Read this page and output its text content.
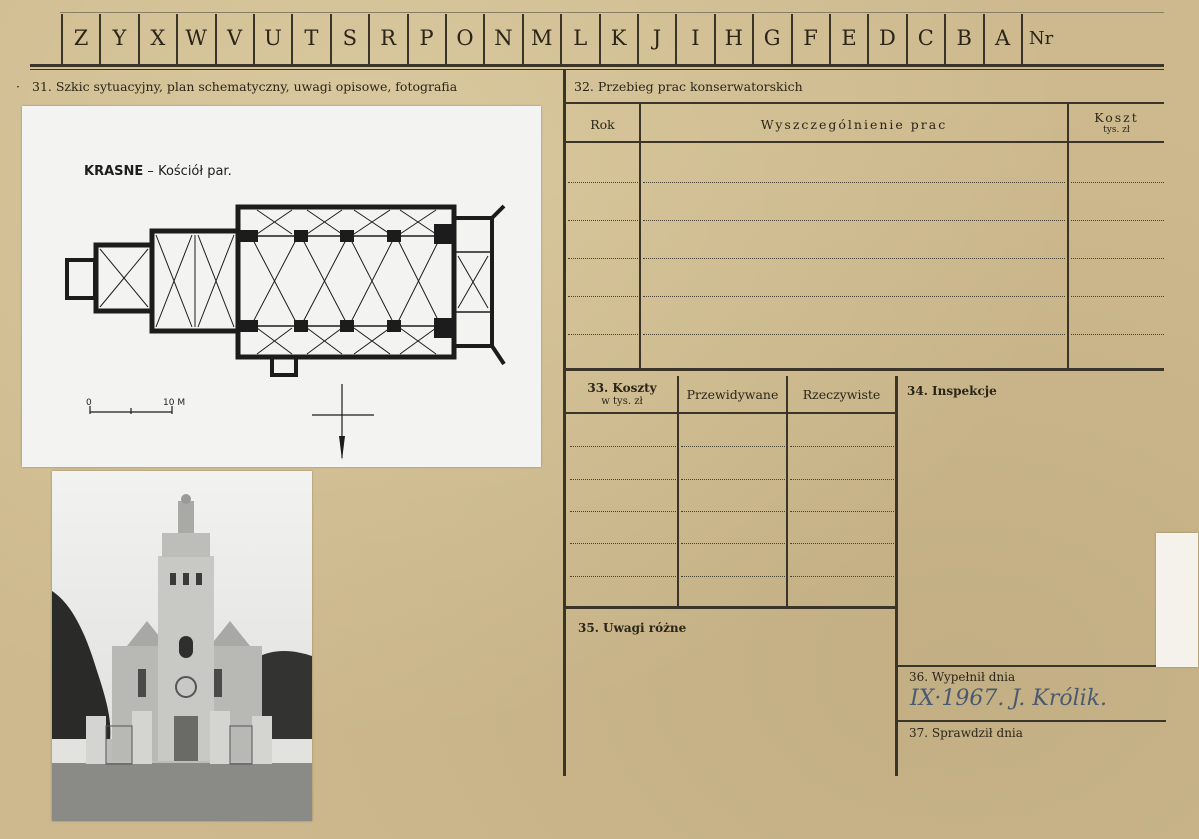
Z	Y	X W V	U	T	S	R	P	O N M L	K	J	I	H G	F	E	D	C	B	A	Nr
· 31. Szkic sytuacyjny, plan schematyczny, uwagi opisowe, fotografia
KRASNE – Kościół par.
0	10 M
32. Przebieg prac konserwatorskich
Rok	Wyszczególnienie prac	Koszt
tys. zł
33. Koszty
w tys. zł	Przewidywane	Rzeczywiste	34. Inspekcje
35. Uwagi różne
36. Wypełnił dnia
IX·1967. J. Królik.
37. Sprawdził dnia
